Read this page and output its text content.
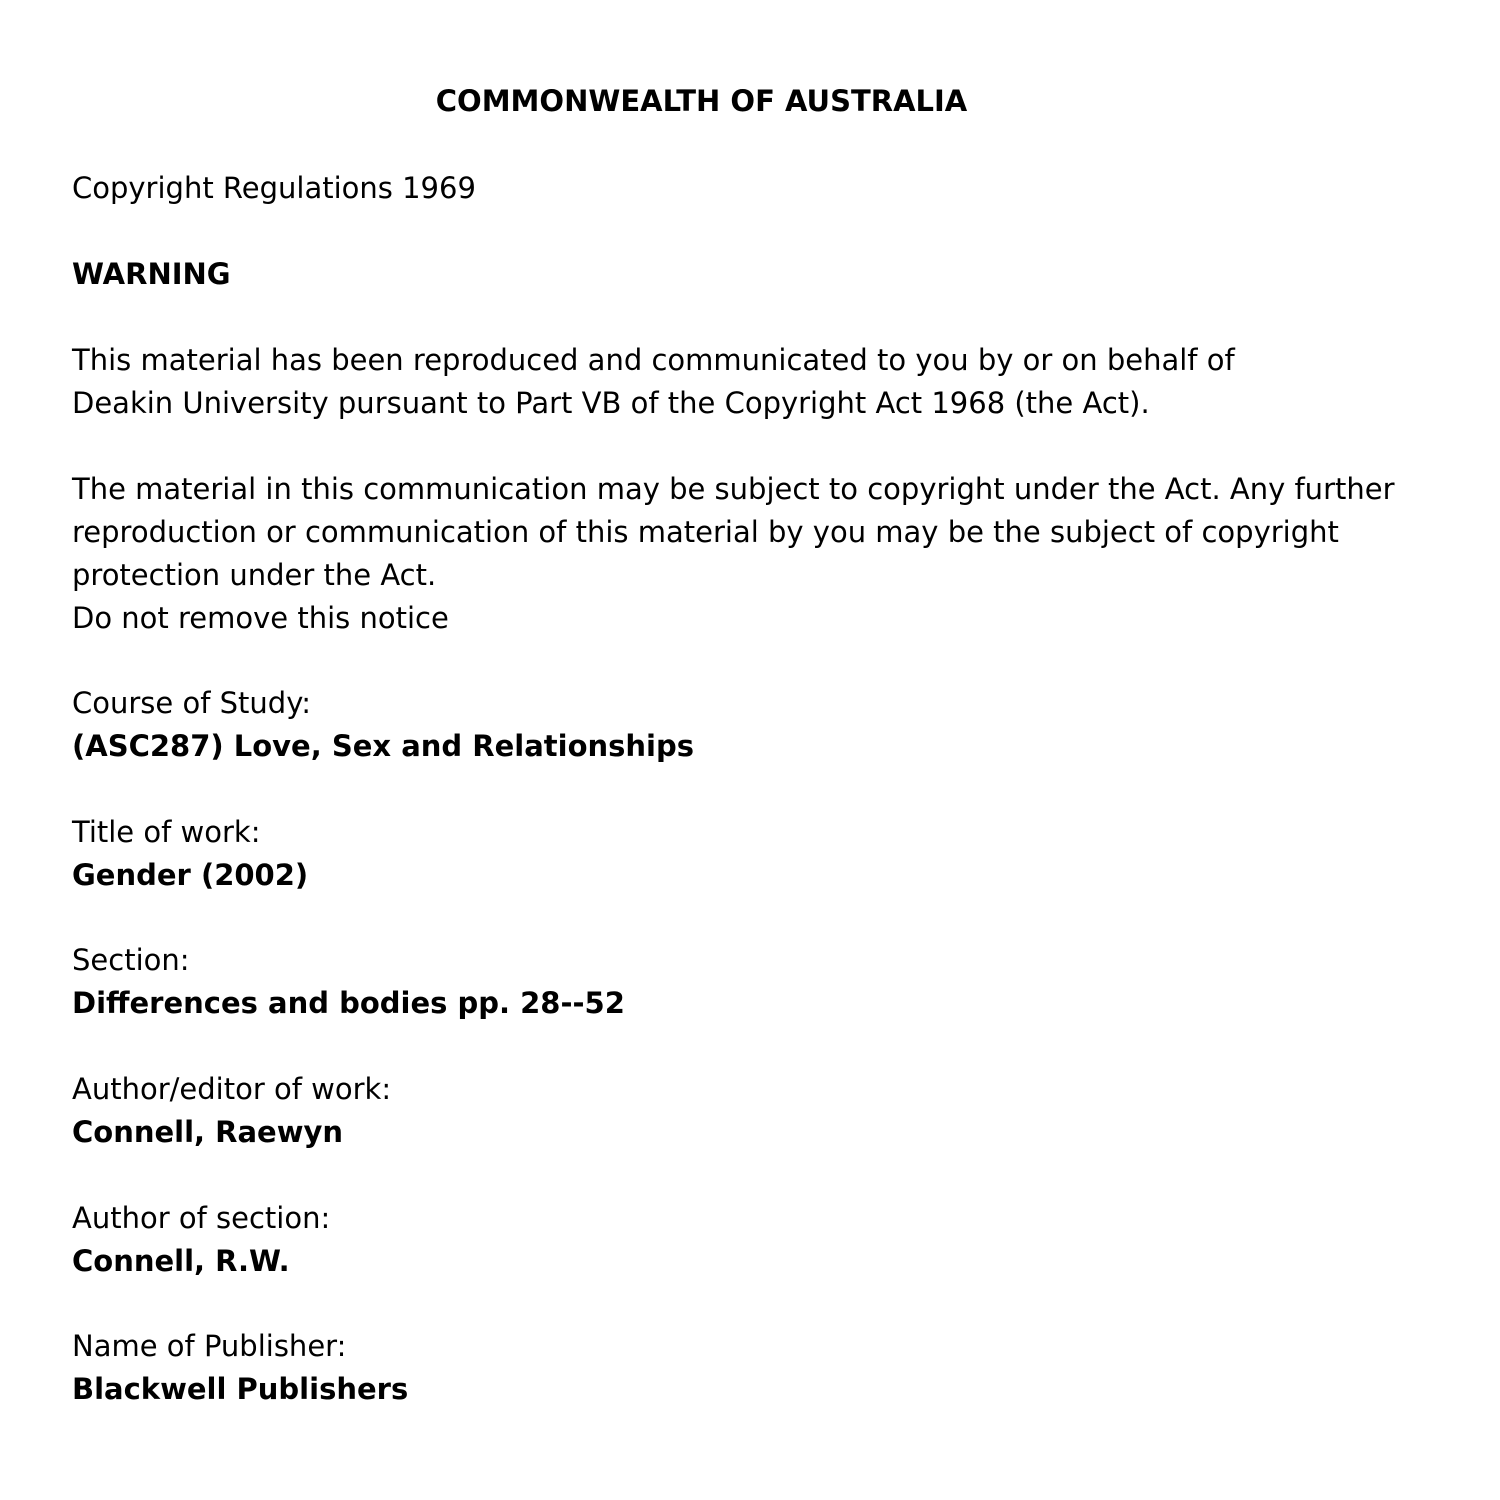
COMMONWEALTH OF AUSTRALIA

Copyright Regulations 1969

WARNING

This material has been reproduced and communicated to you by or on behalf of

Deakin University pursuant to Part VB of the Copyright Act 1968 (the Act).

The material in this communication may be subject to copyright under the Act. Any further

reproduction or communication of this material by you may be the subject of copyright

protection under the Act.

Do not remove this notice

Course of Study:

(ASC287) Love, Sex and Relationships

Title of work:

Gender (2002)

Section:

Differences and bodies pp. 28--52

Author/editor of work:

Connell, Raewyn

Author of section:

Connell, R.W.

Name of Publisher:

Blackwell Publishers
